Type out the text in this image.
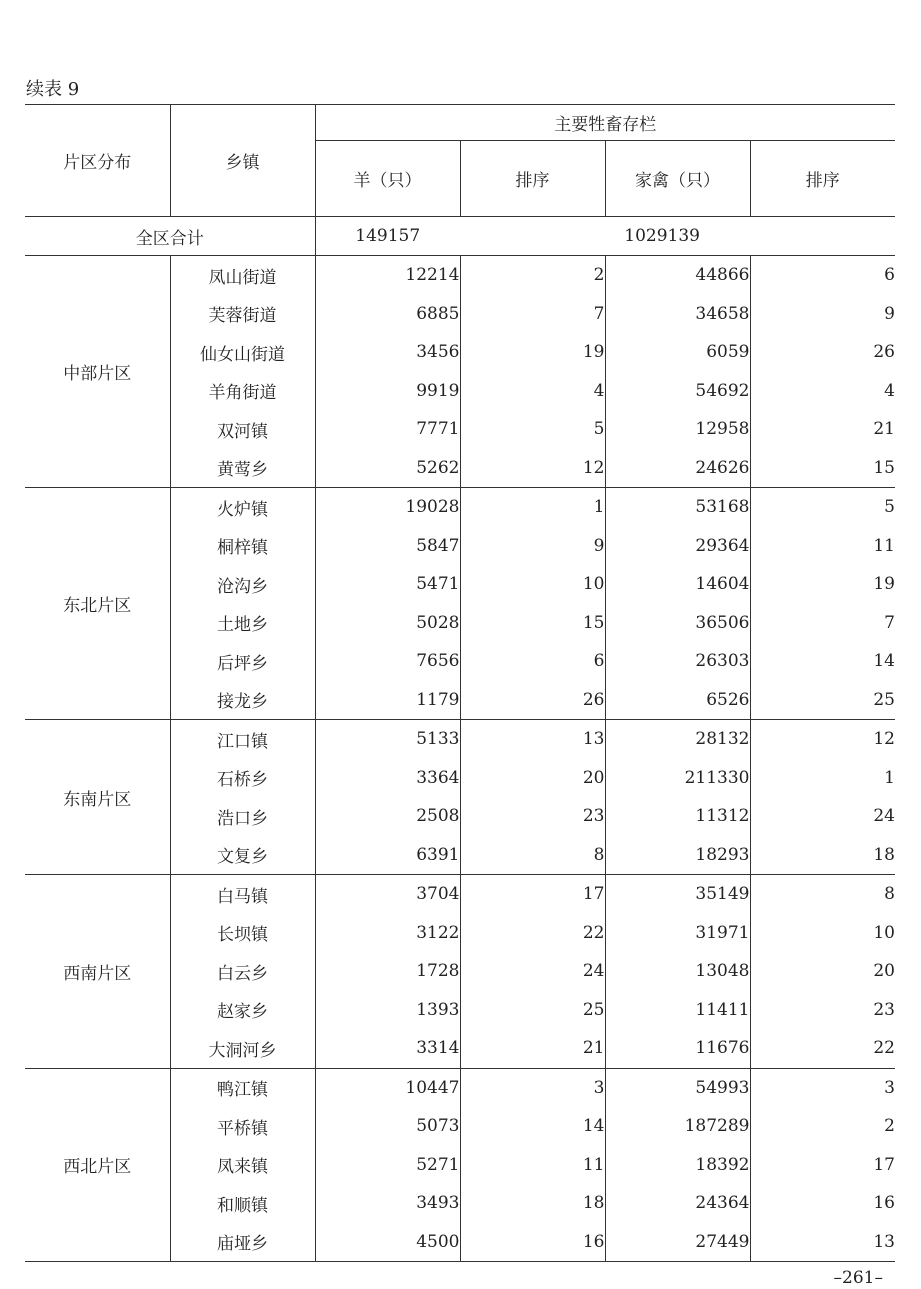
续表 9
片区分布	乡镇	主要牲畜存栏			
		羊（只）	排序	家禽（只）	排序
全区合计		149157	1029139		
中部片区	凤山街道	12214	2	44866	6
	芙蓉街道	6885	7	34658	9
	仙女山街道	3456	19	6059	26
	羊角街道	9919	4	54692	4
	双河镇	7771	5	12958	21
	黄莺乡	5262	12	24626	15
东北片区	火炉镇	19028	1	53168	5
	桐梓镇	5847	9	29364	11
	沧沟乡	5471	10	14604	19
	土地乡	5028	15	36506	7
	后坪乡	7656	6	26303	14
	接龙乡	1179	26	6526	25
东南片区	江口镇	5133	13	28132	12
	石桥乡	3364	20	211330	1
	浩口乡	2508	23	11312	24
	文复乡	6391	8	18293	18
西南片区	白马镇	3704	17	35149	8
	长坝镇	3122	22	31971	10
	白云乡	1728	24	13048	20
	赵家乡	1393	25	11411	23
	大洞河乡	3314	21	11676	22
西北片区	鸭江镇	10447	3	54993	3
	平桥镇	5073	14	187289	2
	凤来镇	5271	11	18392	17
	和顺镇	3493	18	24364	16
	庙垭乡	4500	16	27449	13
–261–
